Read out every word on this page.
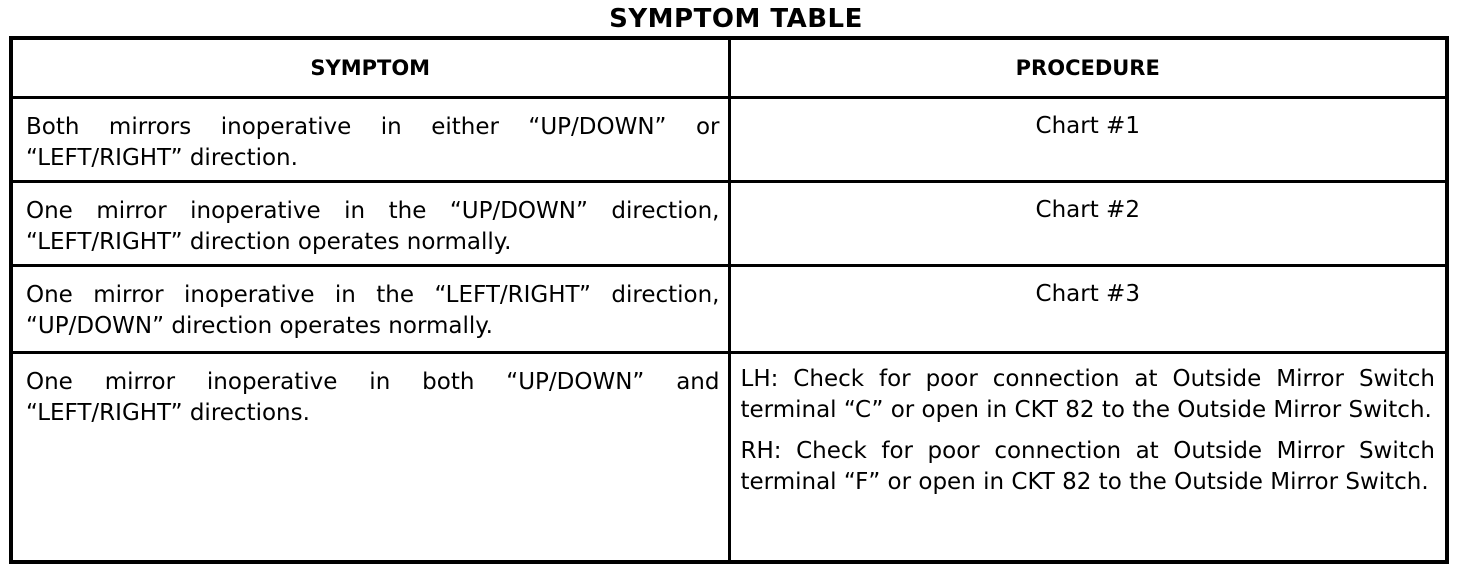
SYMPTOM TABLE
SYMPTOM	PROCEDURE

Both mirrors inoperative in either “UP/DOWN” or “LEFT/RIGHT” direction.	Chart #1

One mirror inoperative in the “UP/DOWN” direction, “LEFT/RIGHT” direction operates normally.	Chart #2

One mirror inoperative in the “LEFT/RIGHT” direction, “UP/DOWN” direction operates normally.	Chart #3

One mirror inoperative in both “UP/DOWN” and “LEFT/RIGHT” directions.	LH: Check for poor connection at Outside Mirror Switch terminal “C” or open in CKT 82 to the Outside Mirror Switch.
RH: Check for poor connection at Outside Mirror Switch terminal “F” or open in CKT 82 to the Outside Mirror Switch.
